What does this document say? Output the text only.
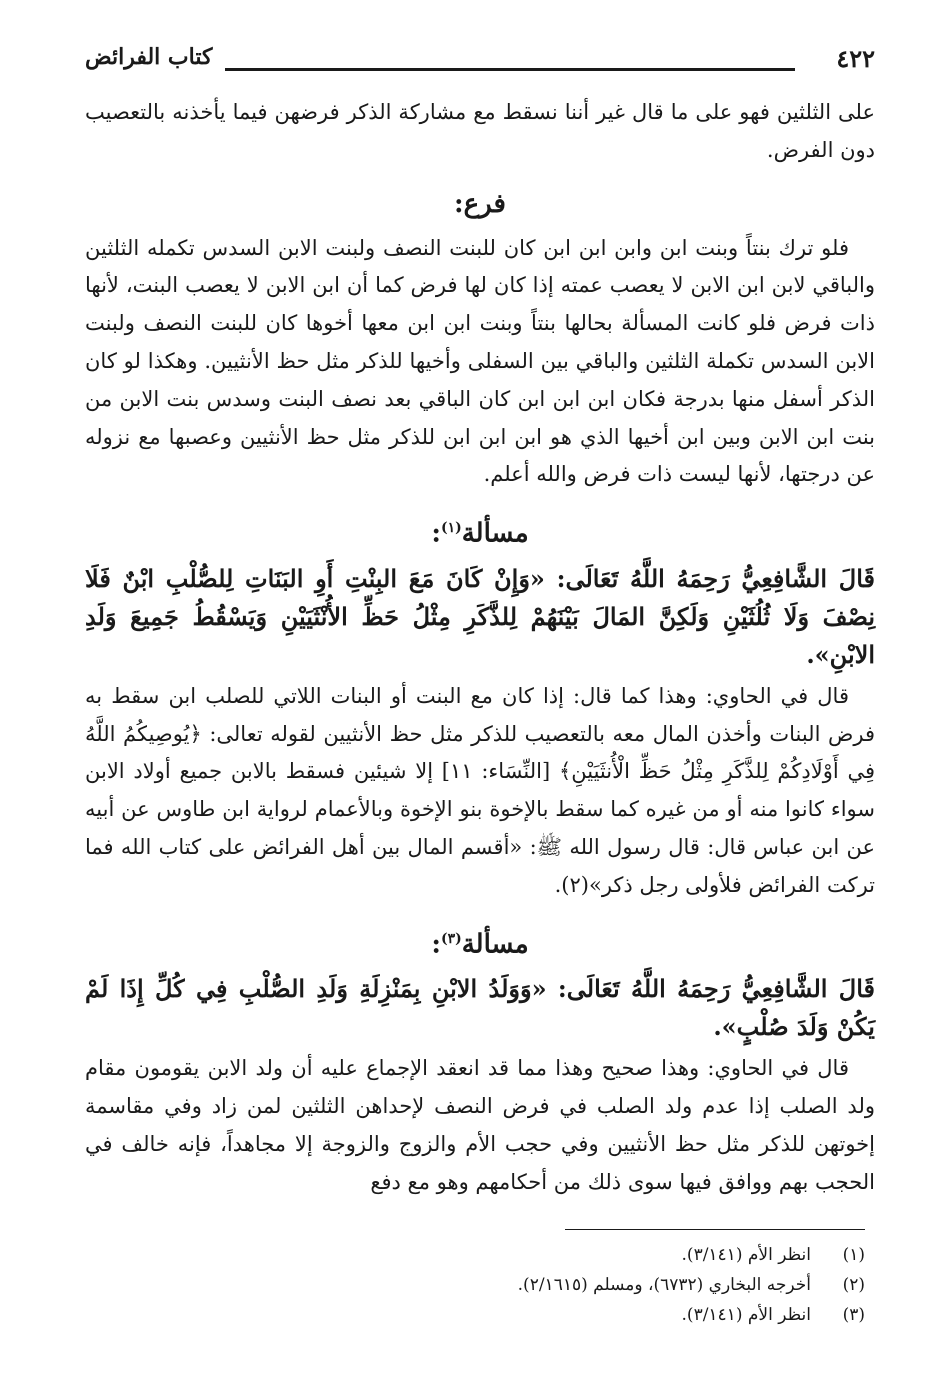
٤٢٢
كتاب الفرائض

على الثلثين فهو على ما قال غير أننا نسقط مع مشاركة الذكر فرضهن فيما يأخذنه بالتعصيب دون الفرض.

فرع:

فلو ترك بنتاً وبنت ابن وابن ابن ابن كان للبنت النصف ولبنت الابن السدس تكمله الثلثين والباقي لابن ابن الابن لا يعصب عمته إذا كان لها فرض كما أن ابن الابن لا يعصب البنت، لأنها ذات فرض فلو كانت المسألة بحالها بنتاً وبنت ابن ابن معها أخوها كان للبنت النصف ولبنت الابن السدس تكملة الثلثين والباقي بين السفلى وأخيها للذكر مثل حظ الأنثيين. وهكذا لو كان الذكر أسفل منها بدرجة فكان ابن ابن ابن كان الباقي بعد نصف البنت وسدس بنت الابن من بنت ابن الابن وبين ابن أخيها الذي هو ابن ابن ابن للذكر مثل حظ الأنثيين وعصبها مع نزوله عن درجتها، لأنها ليست ذات فرض والله أعلم.

مسألة$^{(١)}$:

قَالَ الشَّافِعِيُّ رَحِمَهُ اللَّهُ تَعَالَى: «وَإِنْ كَانَ مَعَ البِنْتِ أَوِ البَنَاتِ لِلصُّلْبِ ابْنٌ فَلَا نِصْفَ وَلَا ثُلُثَيْنِ وَلَكِنَّ المَالَ بَيْنَهُمْ لِلذَّكَرِ مِثْلُ حَظِّ الأُنْثَيَيْنِ وَيَسْقُطُ جَمِيعَ وَلَدِ الابْنِ».

قال في الحاوي: وهذا كما قال: إذا كان مع البنت أو البنات اللاتي للصلب ابن سقط به فرض البنات وأخذن المال معه بالتعصيب للذكر مثل حظ الأنثيين لقوله تعالى: ﴿يُوصِيكُمُ اللَّهُ فِي أَوْلَادِكُمْ لِلذَّكَرِ مِثْلُ حَظِّ الْأُنثَيَيْنِ﴾ [النِّسَاء: ١١] إلا شيئين فسقط بالابن جميع أولاد الابن سواء كانوا منه أو من غيره كما سقط بالإخوة بنو الإخوة وبالأعمام لرواية ابن طاوس عن أبيه عن ابن عباس قال: قال رسول الله ﷺ: «أقسم المال بين أهل الفرائض على كتاب الله فما تركت الفرائض فلأولى رجل ذكر»(٢).

مسألة$^{(٣)}$:

قَالَ الشَّافِعِيُّ رَحِمَهُ اللَّهُ تَعَالَى: «وَوَلَدُ الابْنِ بِمَنْزِلَةِ وَلَدِ الصُّلْبِ فِي كُلِّ إِذَا لَمْ يَكُنْ وَلَدَ صُلْبٍ».

قال في الحاوي: وهذا صحيح وهذا مما قد انعقد الإجماع عليه أن ولد الابن يقومون مقام ولد الصلب إذا عدم ولد الصلب في فرض النصف لإحداهن الثلثين لمن زاد وفي مقاسمة إخوتهن للذكر مثل حظ الأنثيين وفي حجب الأم والزوج والزوجة إلا مجاهداً، فإنه خالف في الحجب بهم ووافق فيها سوى ذلك من أحكامهم وهو مع دفع

(١)
انظر الأم (٣/١٤١).
(٢)
أخرجه البخاري (٦٧٣٢)، ومسلم (٢/١٦١٥).
(٣)
انظر الأم (٣/١٤١).
